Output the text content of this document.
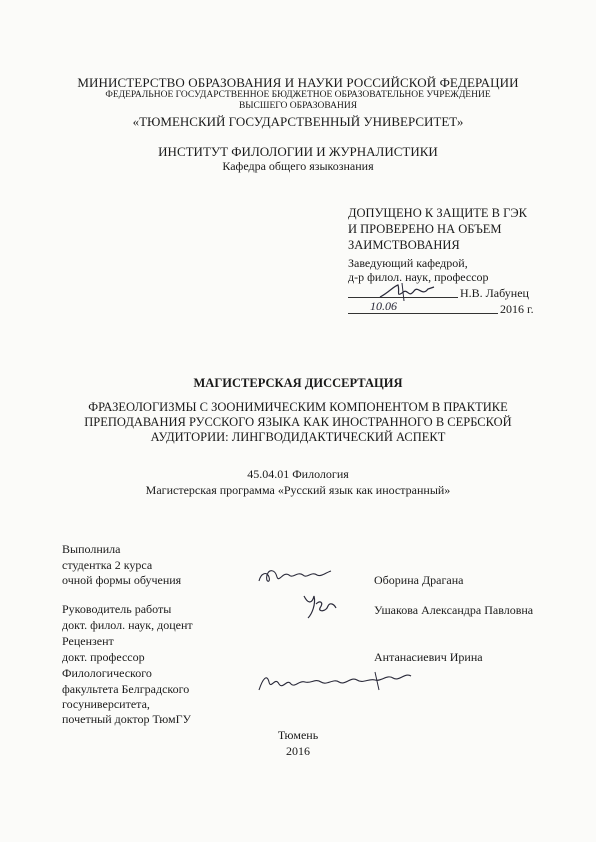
МИНИСТЕРСТВО ОБРАЗОВАНИЯ И НАУКИ РОССИЙСКОЙ ФЕДЕРАЦИИ
ФЕДЕРАЛЬНОЕ ГОСУДАРСТВЕННОЕ БЮДЖЕТНОЕ ОБРАЗОВАТЕЛЬНОЕ УЧРЕЖДЕНИЕ
ВЫСШЕГО ОБРАЗОВАНИЯ
«ТЮМЕНСКИЙ ГОСУДАРСТВЕННЫЙ УНИВЕРСИТЕТ»
ИНСТИТУТ ФИЛОЛОГИИ И ЖУРНАЛИСТИКИ
Кафедра общего языкознания
ДОПУЩЕНО К ЗАЩИТЕ В ГЭК
И ПРОВЕРЕНО НА ОБЪЕМ
ЗАИМСТВОВАНИЯ
Заведующий кафедрой,
д-р филол. наук, профессор
Н.В. Лабунец
10.06	2016 г.
МАГИСТЕРСКАЯ ДИССЕРТАЦИЯ
ФРАЗЕОЛОГИЗМЫ С ЗООНИМИЧЕСКИМ КОМПОНЕНТОМ В ПРАКТИКЕ ПРЕПОДАВАНИЯ РУССКОГО ЯЗЫКА КАК ИНОСТРАННОГО В СЕРБСКОЙ АУДИТОРИИ: ЛИНГВОДИДАКТИЧЕСКИЙ АСПЕКТ
45.04.01 Филология
Магистерская программа «Русский язык как иностранный»
Выполнила
студентка 2 курса
очной формы обучения	Оборина Драгана
Руководитель работы
докт. филол. наук, доцент
Ушакова Александра Павловна
Рецензент
докт. профессор
Филологического
факультета Белградского
госуниверситета,
почетный доктор ТюмГУ
Антанасиевич Ирина
Тюмень
2016
